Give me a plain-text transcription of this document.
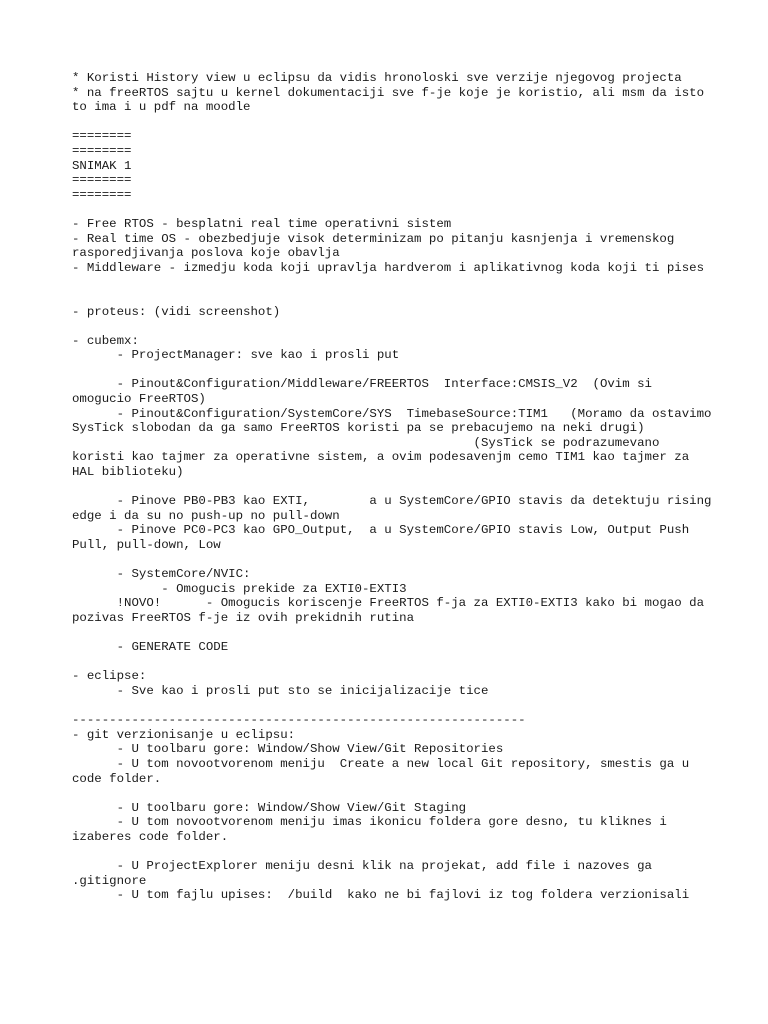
* Koristi History view u eclipsu da vidis hronoloski sve verzije njegovog projecta
* na freeRTOS sajtu u kernel dokumentaciji sve f-je koje je koristio, ali msm da isto to ima i u pdf na moodle
========
========
SNIMAK 1
========
========
- Free RTOS - besplatni real time operativni sistem
- Real time OS - obezbedjuje visok determinizam po pitanju kasnjenja i vremenskog rasporedjivanja poslova koje obavlja
- Middleware - izmedju koda koji upravlja hardverom i aplikativnog koda koji ti pises
- proteus: (vidi screenshot)
- cubemx:
- ProjectManager: sve kao i prosli put
- Pinout&Configuration/Middleware/FREERTOS  Interface:CMSIS_V2  (Ovim si omogucio FreeRTOS)
- Pinout&Configuration/SystemCore/SYS  TimebaseSource:TIM1   (Moramo da ostavimo SysTick slobodan da ga samo FreeRTOS koristi pa se prebacujemo na neki drugi)
(SysTick se podrazumevano koristi kao tajmer za operativne sistem, a ovim podesavenjm cemo TIM1 kao tajmer za HAL biblioteku)
- Pinove PB0-PB3 kao EXTI,        a u SystemCore/GPIO stavis da detektuju rising edge i da su no push-up no pull-down
- Pinove PC0-PC3 kao GPO_Output,  a u SystemCore/GPIO stavis Low, Output Push Pull, pull-down, Low
- SystemCore/NVIC:
- Omogucis prekide za EXTI0-EXTI3
!NOVO!      - Omogucis koriscenje FreeRTOS f-ja za EXTI0-EXTI3 kako bi mogao da pozivas FreeRTOS f-je iz ovih prekidnih rutina
- GENERATE CODE
- eclipse:
- Sve kao i prosli put sto se inicijalizacije tice
-------------------------------------------------------------
- git verzionisanje u eclipsu:
- U toolbaru gore: Window/Show View/Git Repositories
- U tom novootvorenom meniju  Create a new local Git repository, smestis ga u code folder.
- U toolbaru gore: Window/Show View/Git Staging
- U tom novootvorenom meniju imas ikonicu foldera gore desno, tu kliknes i izaberes code folder.
- U ProjectExplorer meniju desni klik na projekat, add file i nazoves ga .gitignore
- U tom fajlu upises:  /build  kako ne bi fajlovi iz tog foldera verzionisali
